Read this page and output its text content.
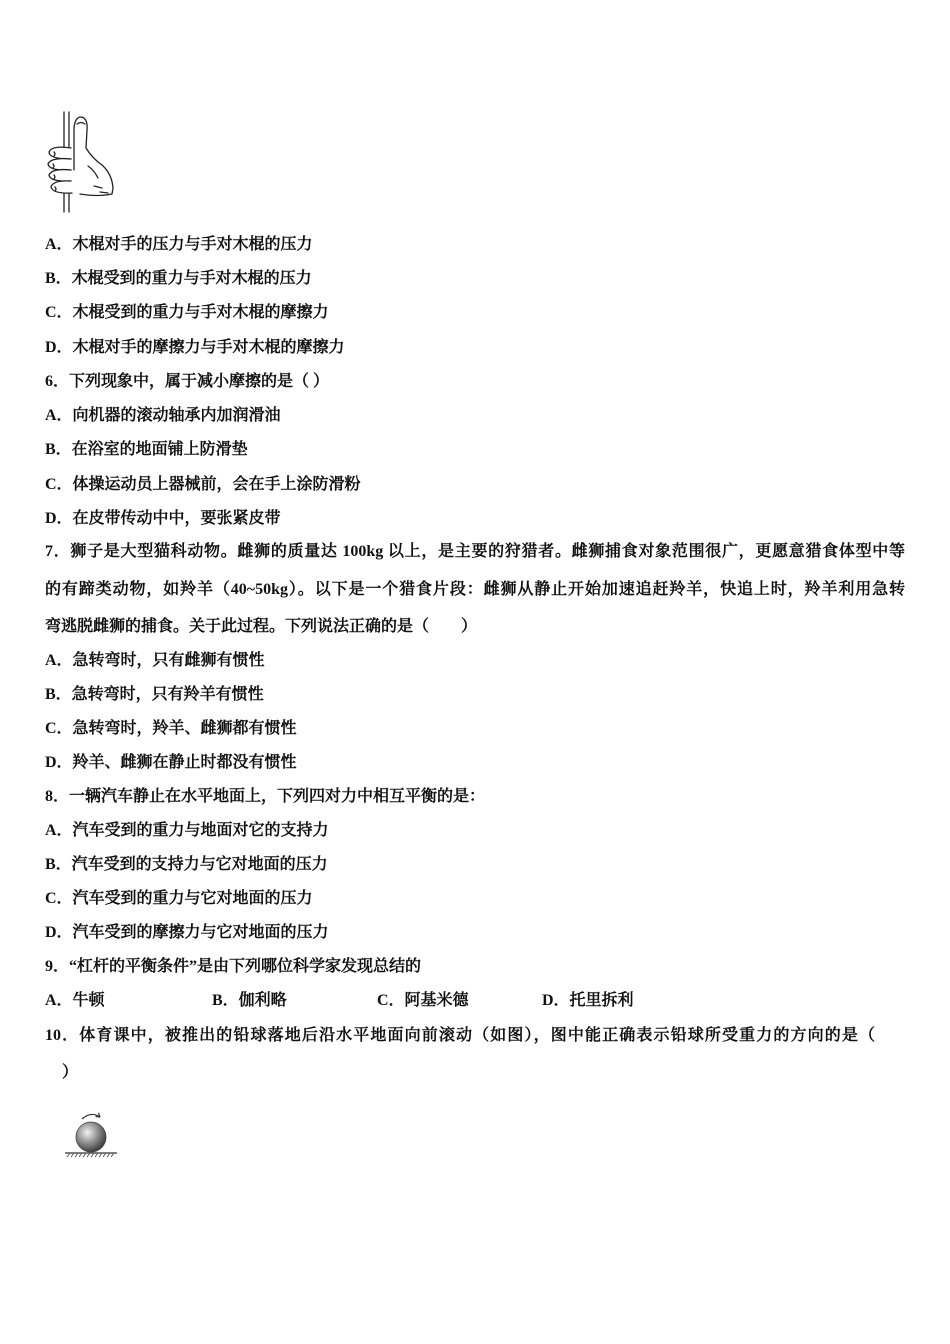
A．木棍对手的压力与手对木棍的压力
B．木棍受到的重力与手对木棍的压力
C．木棍受到的重力与手对木棍的摩擦力
D．木棍对手的摩擦力与手对木棍的摩擦力
6．下列现象中，属于减小摩擦的是（ ）
A．向机器的滚动轴承内加润滑油
B．在浴室的地面铺上防滑垫
C．体操运动员上器械前，会在手上涂防滑粉
D．在皮带传动中中，要张紧皮带
7．狮子是大型猫科动物。雌狮的质量达 100kg 以上，是主要的狩猎者。雌狮捕食对象范围很广，更愿意猎食体型中等
的有蹄类动物，如羚羊（40~50kg）。以下是一个猎食片段：雌狮从静止开始加速追赶羚羊，快追上时，羚羊利用急转
弯逃脱雌狮的捕食。关于此过程。下列说法正确的是（　　）
A．急转弯时，只有雌狮有惯性
B．急转弯时，只有羚羊有惯性
C．急转弯时，羚羊、雌狮都有惯性
D．羚羊、雌狮在静止时都没有惯性
8．一辆汽车静止在水平地面上，下列四对力中相互平衡的是：
A．汽车受到的重力与地面对它的支持力
B．汽车受到的支持力与它对地面的压力
C．汽车受到的重力与它对地面的压力
D．汽车受到的摩擦力与它对地面的压力
9．“杠杆的平衡条件”是由下列哪位科学家发现总结的
A．牛顿	B．伽利略	C．阿基米德	D．托里拆利
10．体育课中，被推出的铅球落地后沿水平地面向前滚动（如图），图中能正确表示铅球所受重力的方向的是（
）
